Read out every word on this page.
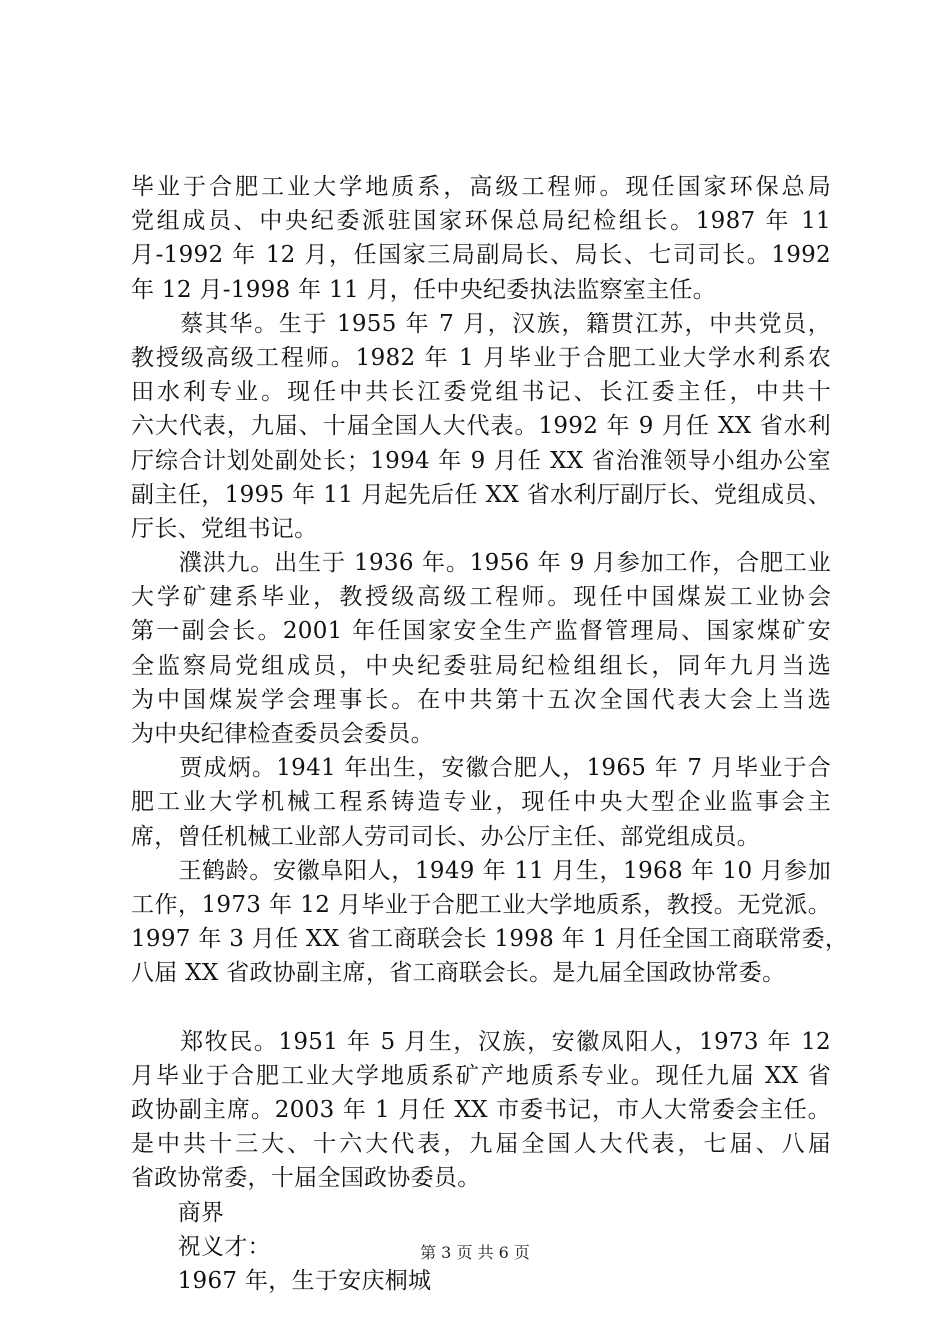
毕业于合肥工业大学地质系，高级工程师。现任国家环保总局
党组成员、中央纪委派驻国家环保总局纪检组长。1987 年 11
月-1992 年 12 月，任国家三局副局长、局长、七司司长。1992
年 12 月-1998 年 11 月，任中央纪委执法监察室主任。
　　蔡其华。生于 1955 年 7 月，汉族，籍贯江苏，中共党员，
教授级高级工程师。1982 年 1 月毕业于合肥工业大学水利系农
田水利专业。现任中共长江委党组书记、长江委主任，中共十
六大代表，九届、十届全国人大代表。1992 年 9 月任 XX 省水利
厅综合计划处副处长；1994 年 9 月任 XX 省治淮领导小组办公室
副主任，1995 年 11 月起先后任 XX 省水利厅副厅长、党组成员、
厅长、党组书记。
　　濮洪九。出生于 1936 年。1956 年 9 月参加工作，合肥工业
大学矿建系毕业，教授级高级工程师。现任中国煤炭工业协会
第一副会长。2001 年任国家安全生产监督管理局、国家煤矿安
全监察局党组成员，中央纪委驻局纪检组组长，同年九月当选
为中国煤炭学会理事长。在中共第十五次全国代表大会上当选
为中央纪律检查委员会委员。
　　贾成炳。1941 年出生，安徽合肥人，1965 年 7 月毕业于合
肥工业大学机械工程系铸造专业，现任中央大型企业监事会主
席，曾任机械工业部人劳司司长、办公厅主任、部党组成员。
　　王鹤龄。安徽阜阳人，1949 年 11 月生，1968 年 10 月参加
工作，1973 年 12 月毕业于合肥工业大学地质系，教授。无党派。
1997 年 3 月任 XX 省工商联会长 1998 年 1 月任全国工商联常委，
八届 XX 省政协副主席，省工商联会长。是九届全国政协常委。
　　郑牧民。1951 年 5 月生，汉族，安徽凤阳人，1973 年 12
月毕业于合肥工业大学地质系矿产地质系专业。现任九届 XX 省
政协副主席。2003 年 1 月任 XX 市委书记，市人大常委会主任。
是中共十三大、十六大代表，九届全国人大代表，七届、八届
省政协常委，十届全国政协委员。
　　商界
　　祝义才：
　　1967 年，生于安庆桐城
第 3 页 共 6 页
